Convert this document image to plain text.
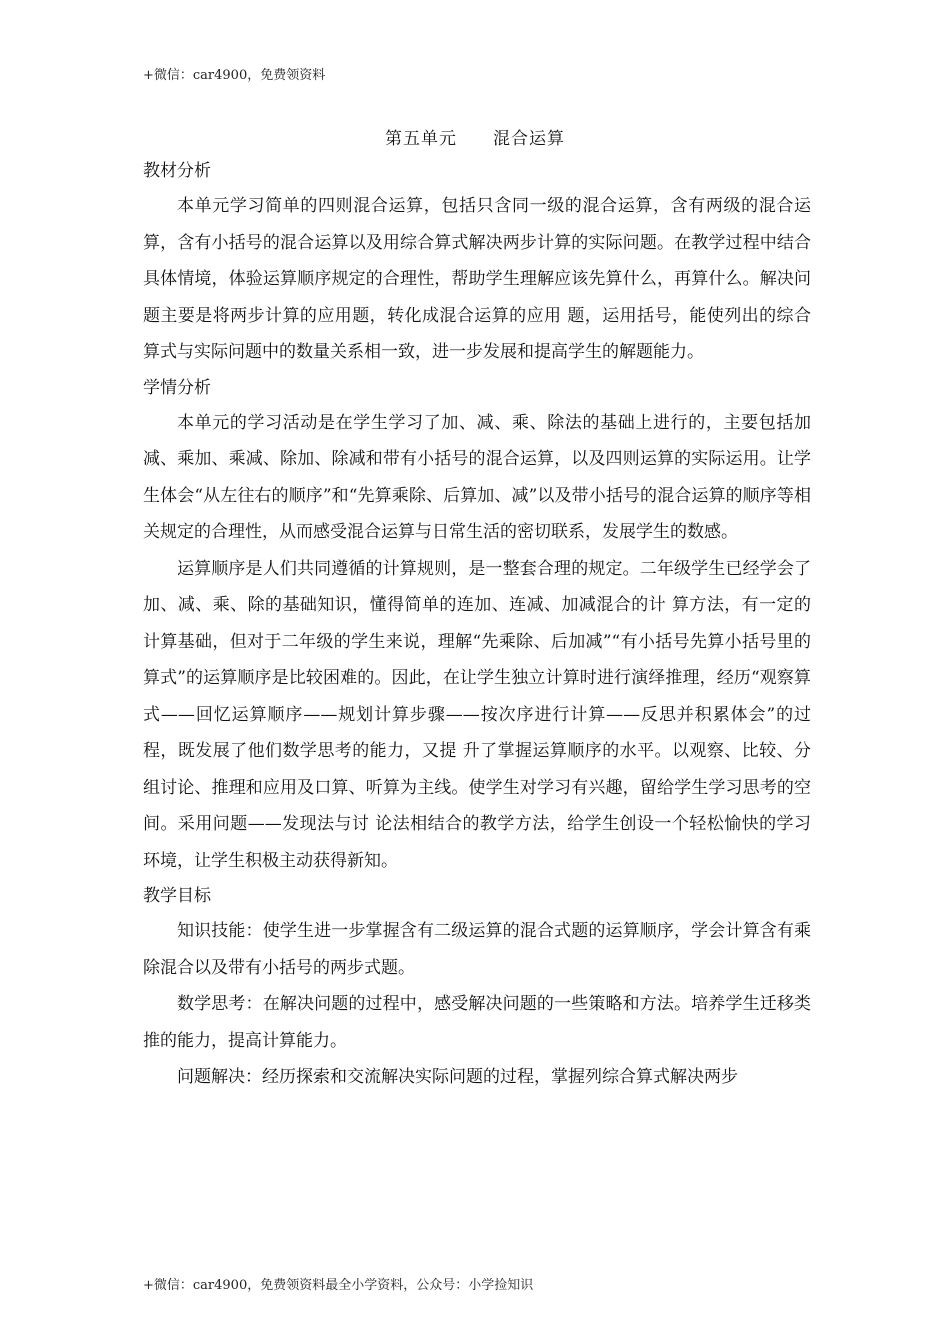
+微信：car4900，免费领资料
第五单元 混合运算
教材分析

本单元学习简单的四则混合运算，包括只含同一级的混合运算，含有两级的混合运算，含有小括号的混合运算以及用综合算式解决两步计算的实际问题。在教学过程中结合具体情境，体验运算顺序规定的合理性，帮助学生理解应该先算什么，再算什么。解决问题主要是将两步计算的应用题，转化成混合运算的应用 题，运用括号，能使列出的综合算式与实际问题中的数量关系相一致，进一步发展和提高学生的解题能力。

学情分析

本单元的学习活动是在学生学习了加、减、乘、除法的基础上进行的，主要包括加减、乘加、乘减、除加、除减和带有小括号的混合运算，以及四则运算的实际运用。让学生体会“从左往右的顺序”和“先算乘除、后算加、减”以及带小括号的混合运算的顺序等相关规定的合理性，从而感受混合运算与日常生活的密切联系，发展学生的数感。

运算顺序是人们共同遵循的计算规则，是一整套合理的规定。二年级学生已经学会了加、减、乘、除的基础知识，懂得简单的连加、连减、加减混合的计 算方法，有一定的计算基础，但对于二年级的学生来说，理解“先乘除、后加减”“有小括号先算小括号里的算式”的运算顺序是比较困难的。因此，在让学生独立计算时进行演绎推理，经历“观察算式——回忆运算顺序——规划计算步骤——按次序进行计算——反思并积累体会”的过程，既发展了他们数学思考的能力，又提 升了掌握运算顺序的水平。以观察、比较、分组讨论、推理和应用及口算、听算为主线。使学生对学习有兴趣，留给学生学习思考的空间。采用问题——发现法与讨 论法相结合的教学方法，给学生创设一个轻松愉快的学习环境，让学生积极主动获得新知。

教学目标

知识技能：使学生进一步掌握含有二级运算的混合式题的运算顺序，学会计算含有乘除混合以及带有小括号的两步式题。

数学思考：在解决问题的过程中，感受解决问题的一些策略和方法。培养学生迁移类推的能力，提高计算能力。

问题解决：经历探索和交流解决实际问题的过程，掌握列综合算式解决两步

+微信：car4900，免费领资料最全小学资料，公众号：小学捡知识
